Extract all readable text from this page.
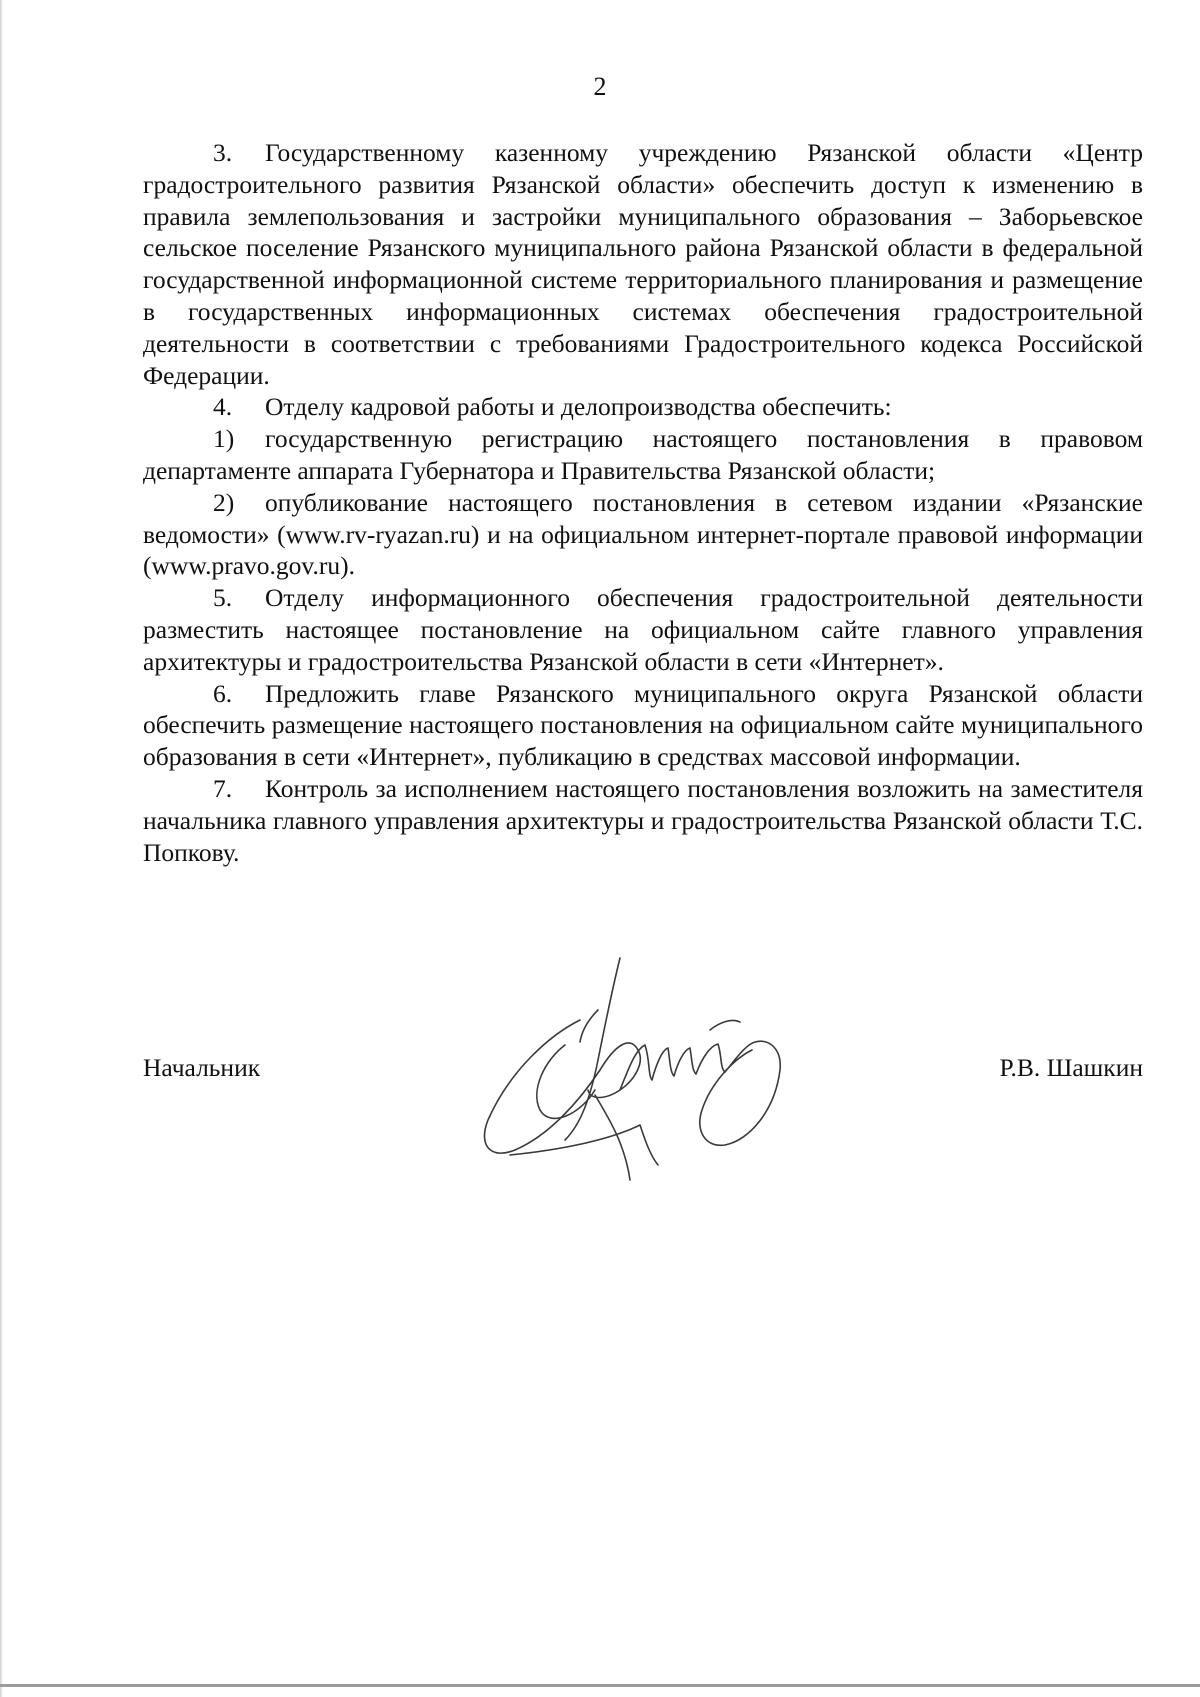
2

3. Государственному казенному учреждению Рязанской области «Центр градостроительного развития Рязанской области» обеспечить доступ к изменению в правила землепользования и застройки муниципального образования – Заборьевское сельское поселение Рязанского муниципального района Рязанской области в федеральной государственной информационной системе территориального планирования и размещение в государственных информационных системах обеспечения градостроительной деятельности в соответствии с требованиями Градостроительного кодекса Российской Федерации.

4. Отделу кадровой работы и делопроизводства обеспечить:

1) государственную регистрацию настоящего постановления в правовом департаменте аппарата Губернатора и Правительства Рязанской области;

2) опубликование настоящего постановления в сетевом издании «Рязанские ведомости» (www.rv-ryazan.ru) и на официальном интернет-портале правовой информации (www.pravo.gov.ru).

5. Отделу информационного обеспечения градостроительной деятельности разместить настоящее постановление на официальном сайте главного управления архитектуры и градостроительства Рязанской области в сети «Интернет».

6. Предложить главе Рязанского муниципального округа Рязанской области обеспечить размещение настоящего постановления на официальном сайте муниципального образования в сети «Интернет», публикацию в средствах массовой информации.

7. Контроль за исполнением настоящего постановления возложить на заместителя начальника главного управления архитектуры и градостроительства Рязанской области Т.С. Попкову.

Начальник	Р.В. Шашкин
